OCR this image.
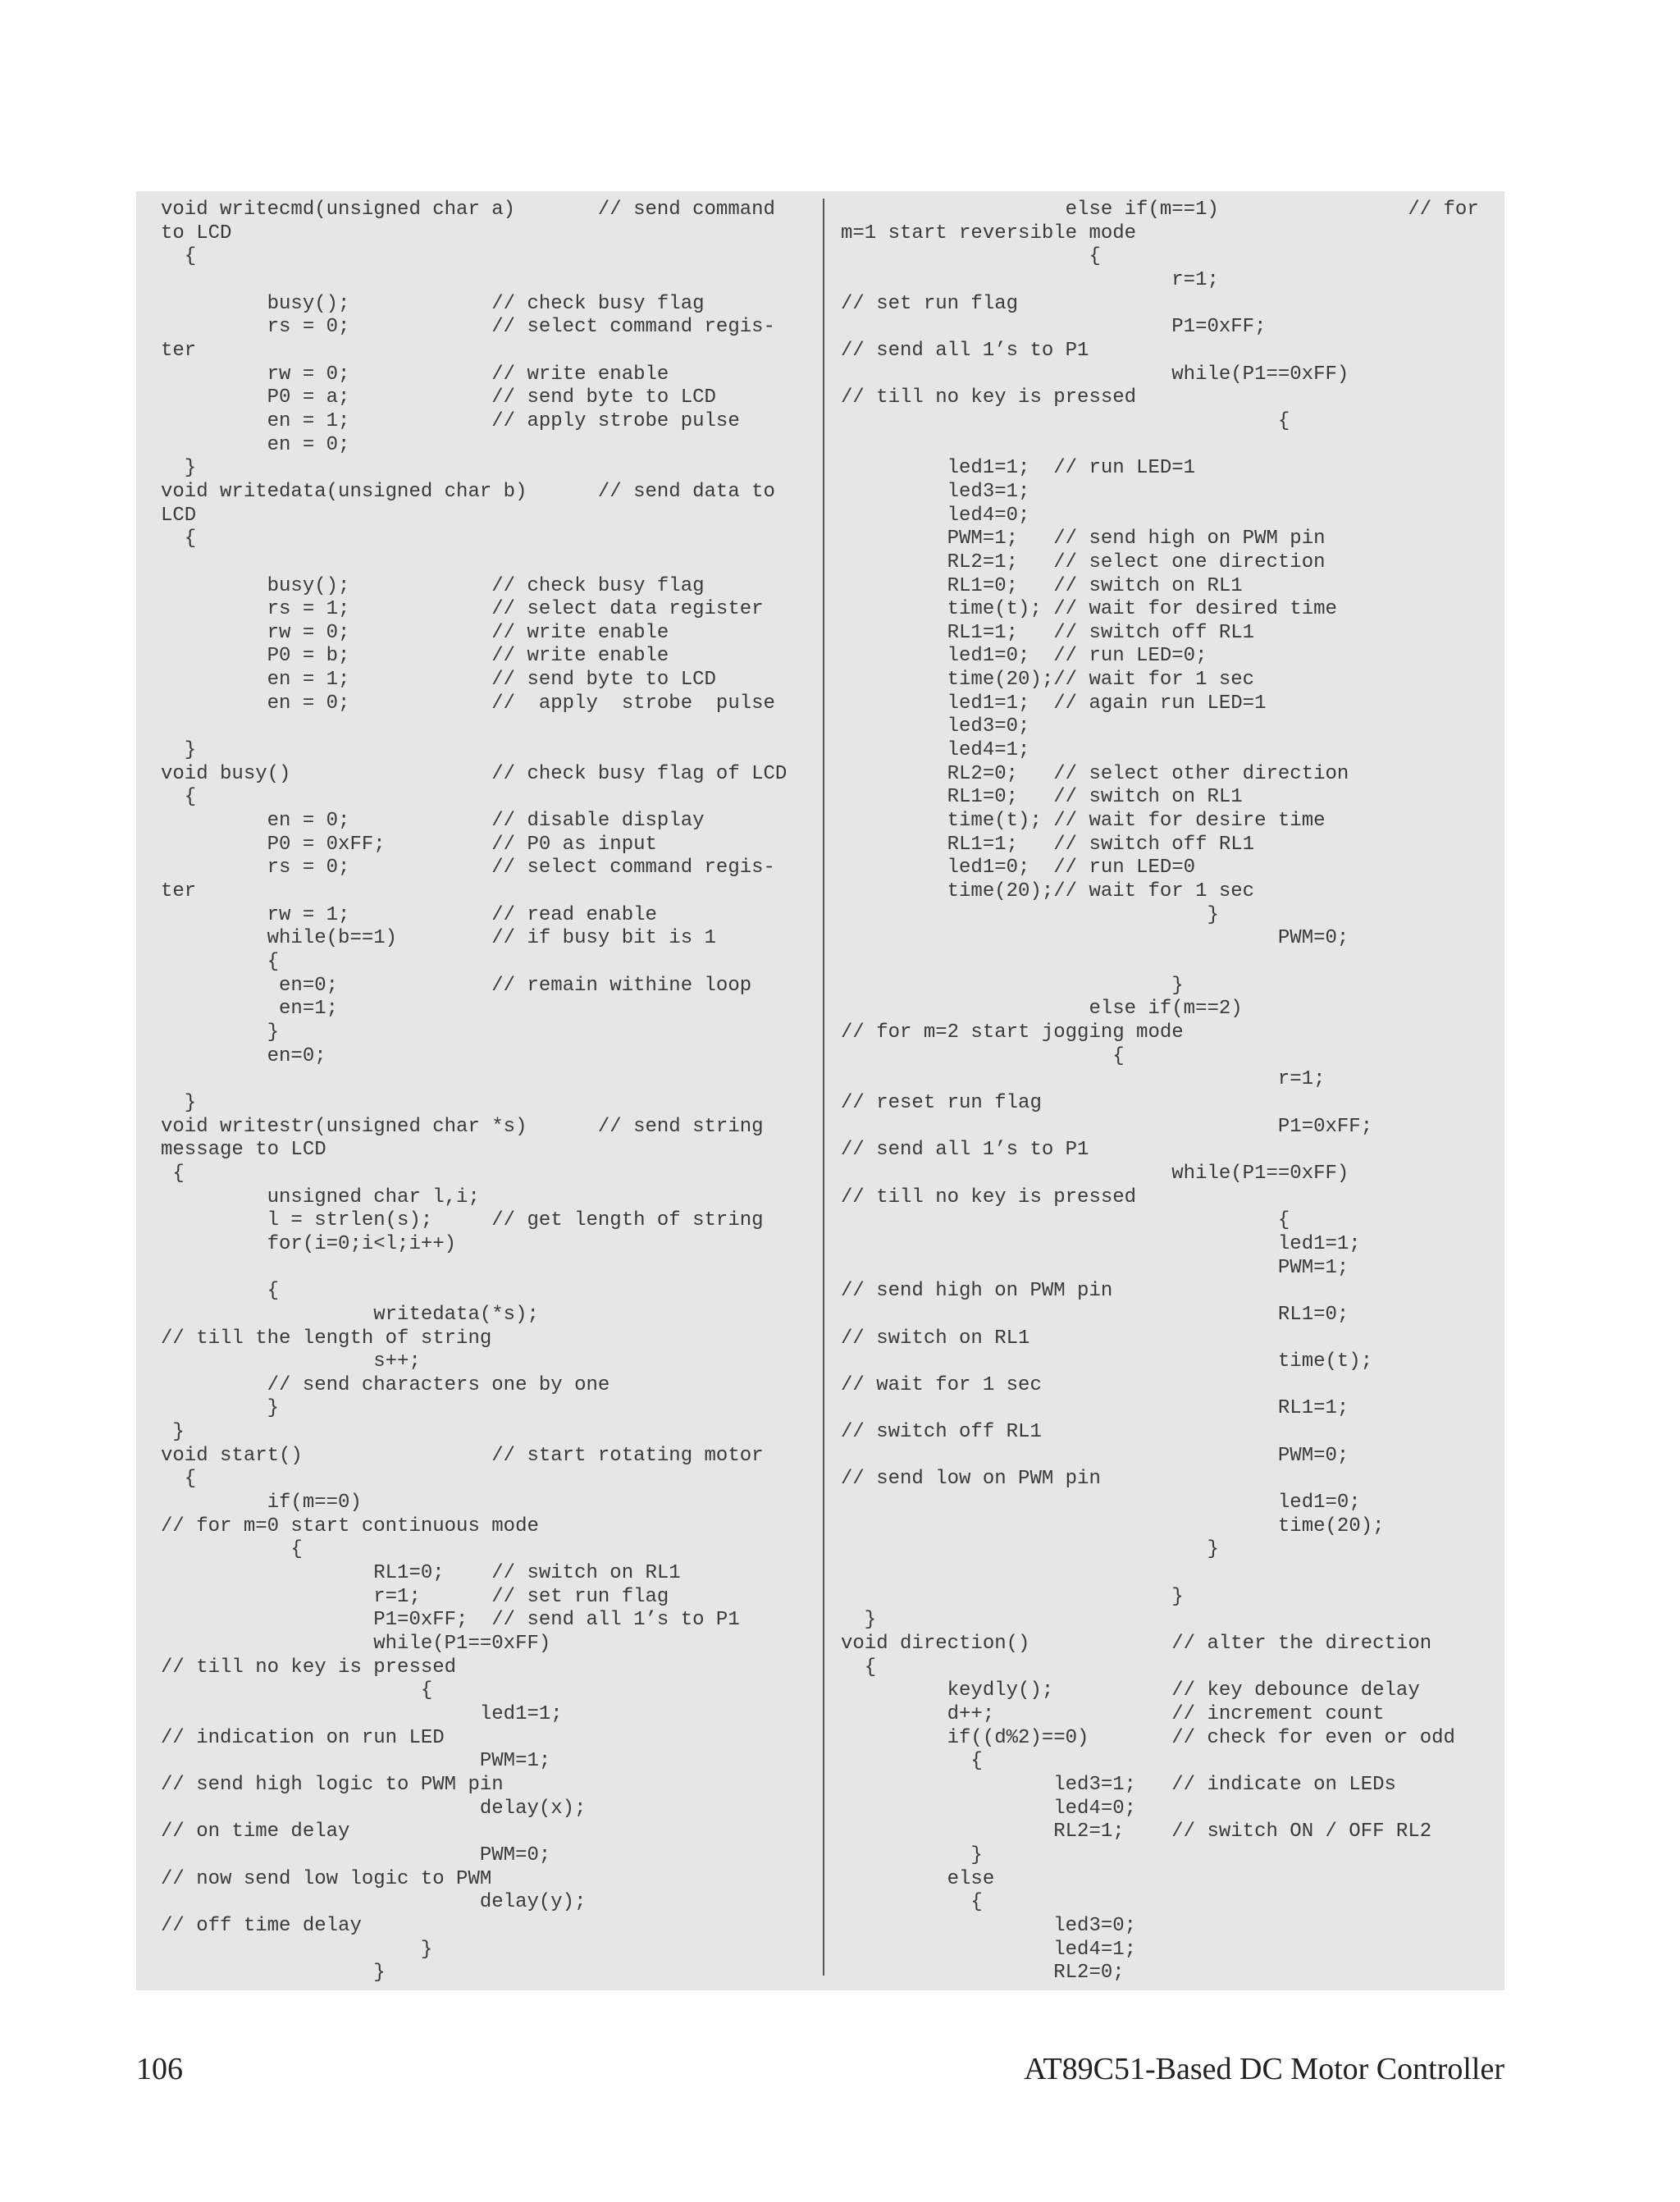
void writecmd(unsigned char a)       // send command
to LCD
{

busy();            // check busy flag
rs = 0;            // select command regis-
ter
rw = 0;            // write enable
P0 = a;            // send byte to LCD
en = 1;            // apply strobe pulse
en = 0;
}
void writedata(unsigned char b)      // send data to
LCD
{

busy();            // check busy flag
rs = 1;            // select data register
rw = 0;            // write enable
P0 = b;            // write enable
en = 1;            // send byte to LCD
en = 0;            //  apply  strobe  pulse

}
void busy()                 // check busy flag of LCD
{
en = 0;            // disable display
P0 = 0xFF;         // P0 as input
rs = 0;            // select command regis-
ter
rw = 1;            // read enable
while(b==1)        // if busy bit is 1
{
en=0;             // remain withine loop
en=1;
}
en=0;

}
void writestr(unsigned char *s)      // send string
message to LCD
{
unsigned char l,i;
l = strlen(s);     // get length of string
for(i=0;i<l;i++)

{
writedata(*s);
// till the length of string
s++;
// send characters one by one
}
}
void start()                // start rotating motor
{
if(m==0)
// for m=0 start continuous mode
{
RL1=0;    // switch on RL1
r=1;      // set run flag
P1=0xFF;  // send all 1’s to P1
while(P1==0xFF)
// till no key is pressed
{
led1=1;
// indication on run LED
PWM=1;
// send high logic to PWM pin
delay(x);
// on time delay
PWM=0;
// now send low logic to PWM
delay(y);
// off time delay
}
}

else if(m==1)                // for
m=1 start reversible mode
{
r=1;
// set run flag
P1=0xFF;
// send all 1’s to P1
while(P1==0xFF)
// till no key is pressed
{

led1=1;  // run LED=1
led3=1;
led4=0;
PWM=1;   // send high on PWM pin
RL2=1;   // select one direction
RL1=0;   // switch on RL1
time(t); // wait for desired time
RL1=1;   // switch off RL1
led1=0;  // run LED=0;
time(20);// wait for 1 sec
led1=1;  // again run LED=1
led3=0;
led4=1;
RL2=0;   // select other direction
RL1=0;   // switch on RL1
time(t); // wait for desire time
RL1=1;   // switch off RL1
led1=0;  // run LED=0
time(20);// wait for 1 sec
}
PWM=0;

}
else if(m==2)
// for m=2 start jogging mode
{
r=1;
// reset run flag
P1=0xFF;
// send all 1’s to P1
while(P1==0xFF)
// till no key is pressed
{
led1=1;
PWM=1;
// send high on PWM pin
RL1=0;
// switch on RL1
time(t);
// wait for 1 sec
RL1=1;
// switch off RL1
PWM=0;
// send low on PWM pin
led1=0;
time(20);
}

}
}
void direction()            // alter the direction
{
keydly();          // key debounce delay
d++;               // increment count
if((d%2)==0)       // check for even or odd
{
led3=1;   // indicate on LEDs
led4=0;
RL2=1;    // switch ON / OFF RL2
}
else
{
led3=0;
led4=1;
RL2=0;

106	AT89C51-Based DC Motor Controller
